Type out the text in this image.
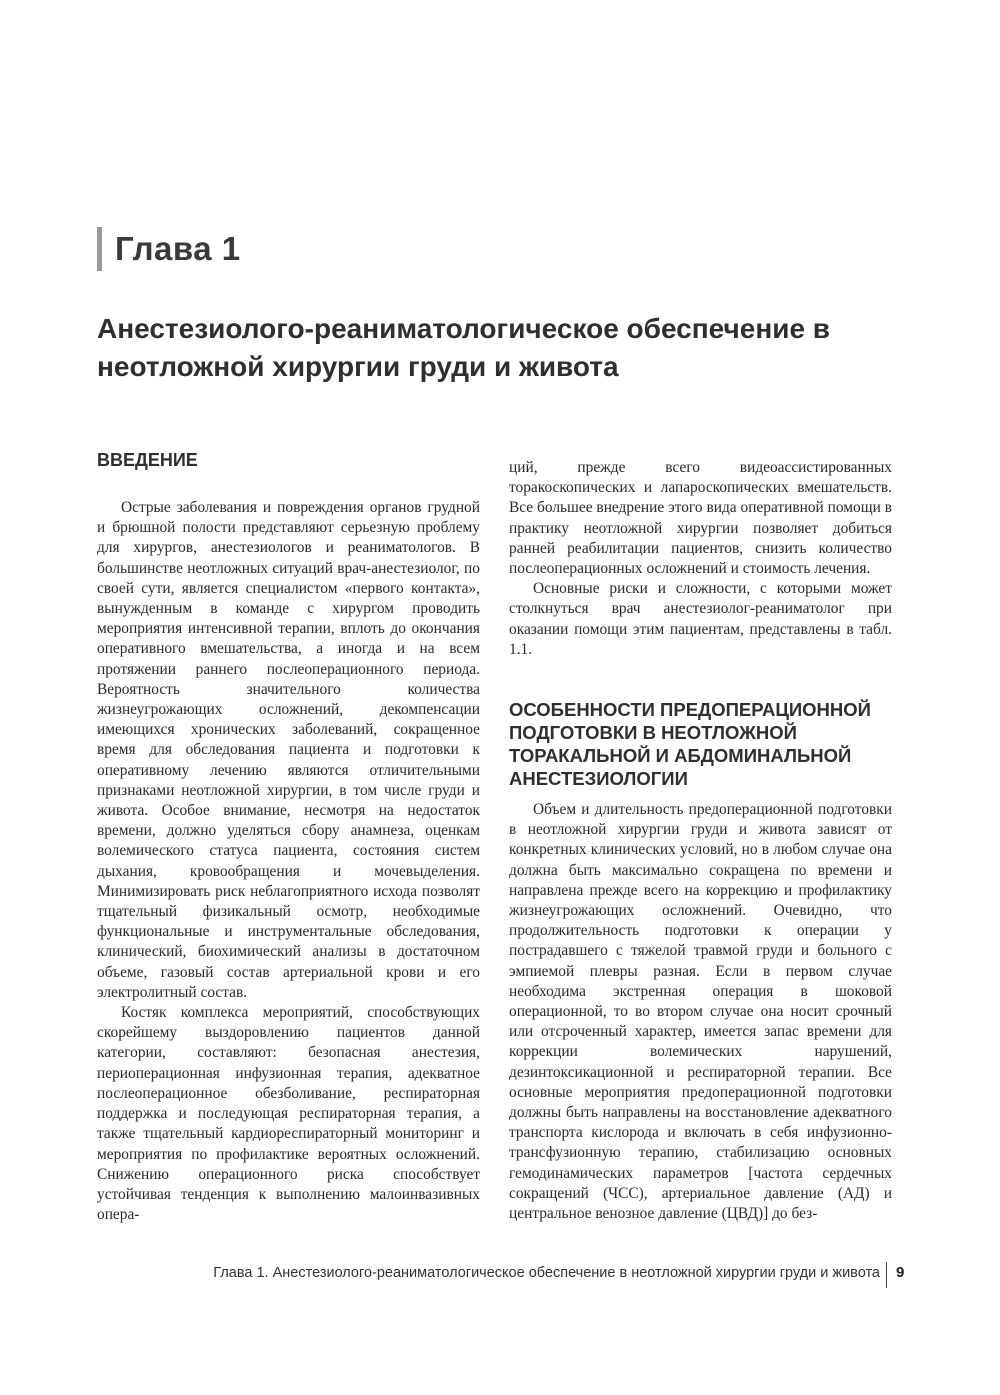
Глава 1
Анестезиолого-реаниматологическое обеспечение в неотложной хирургии груди и живота
ВВЕДЕНИЕ

Острые заболевания и повреждения органов грудной и брюшной полости представляют серьезную проблему для хирургов, анестезиологов и реаниматологов. В большинстве неотложных ситуаций врач-анестезиолог, по своей сути, является специалистом «первого контакта», вынужденным в команде с хирургом проводить мероприятия интенсивной терапии, вплоть до окончания оперативного вмешательства, а иногда и на всем протяжении раннего послеоперационного периода. Вероятность значительного количества жизнеугрожающих осложнений, декомпенсации имеющихся хронических заболеваний, сокращенное время для обследования пациента и подготовки к оперативному лечению являются отличительными признаками неотложной хирургии, в том числе груди и живота. Особое внимание, несмотря на недостаток времени, должно уделяться сбору анамнеза, оценкам волемического статуса пациента, состояния систем дыхания, кровообращения и мочевыделения. Минимизировать риск неблагоприятного исхода позволят тщательный физикальный осмотр, необходимые функциональные и инструментальные обследования, клинический, биохимический анализы в достаточном объеме, газовый состав артериальной крови и его электролитный состав.

Костяк комплекса мероприятий, способствующих скорейшему выздоровлению пациентов данной категории, составляют: безопасная анестезия, периоперационная инфузионная терапия, адекватное послеоперационное обезболивание, респираторная поддержка и последующая респираторная терапия, а также тщательный кардиореспираторный мониторинг и мероприятия по профилактике вероятных осложнений. Снижению операционного риска способствует устойчивая тенденция к выполнению малоинвазивных опера-

ций, прежде всего видеоассистированных торакоскопических и лапароскопических вмешательств. Все большее внедрение этого вида оперативной помощи в практику неотложной хирургии позволяет добиться ранней реабилитации пациентов, снизить количество послеоперационных осложнений и стоимость лечения.

Основные риски и сложности, с которыми может столкнуться врач анестезиолог-реаниматолог при оказании помощи этим пациентам, представлены в табл. 1.1.

ОСОБЕННОСТИ ПРЕДОПЕРАЦИОННОЙ ПОДГОТОВКИ В НЕОТЛОЖНОЙ ТОРАКАЛЬНОЙ И АБДОМИНАЛЬНОЙ АНЕСТЕЗИОЛОГИИ

Объем и длительность предоперационной подготовки в неотложной хирургии груди и живота зависят от конкретных клинических условий, но в любом случае она должна быть максимально сокращена по времени и направлена прежде всего на коррекцию и профилактику жизнеугрожающих осложнений. Очевидно, что продолжительность подготовки к операции у пострадавшего с тяжелой травмой груди и больного с эмпиемой плевры разная. Если в первом случае необходима экстренная операция в шоковой операционной, то во втором случае она носит срочный или отсроченный характер, имеется запас времени для коррекции волемических нарушений, дезинтоксикационной и респираторной терапии. Все основные мероприятия предоперационной подготовки должны быть направлены на восстановление адекватного транспорта кислорода и включать в себя инфузионно-трансфузионную терапию, стабилизацию основных гемодинамических параметров [частота сердечных сокращений (ЧСС), артериальное давление (АД) и центральное венозное давление (ЦВД)] до без-

Глава 1. Анестезиолого-реаниматологическое обеспечение в неотложной хирургии груди и живота 9
